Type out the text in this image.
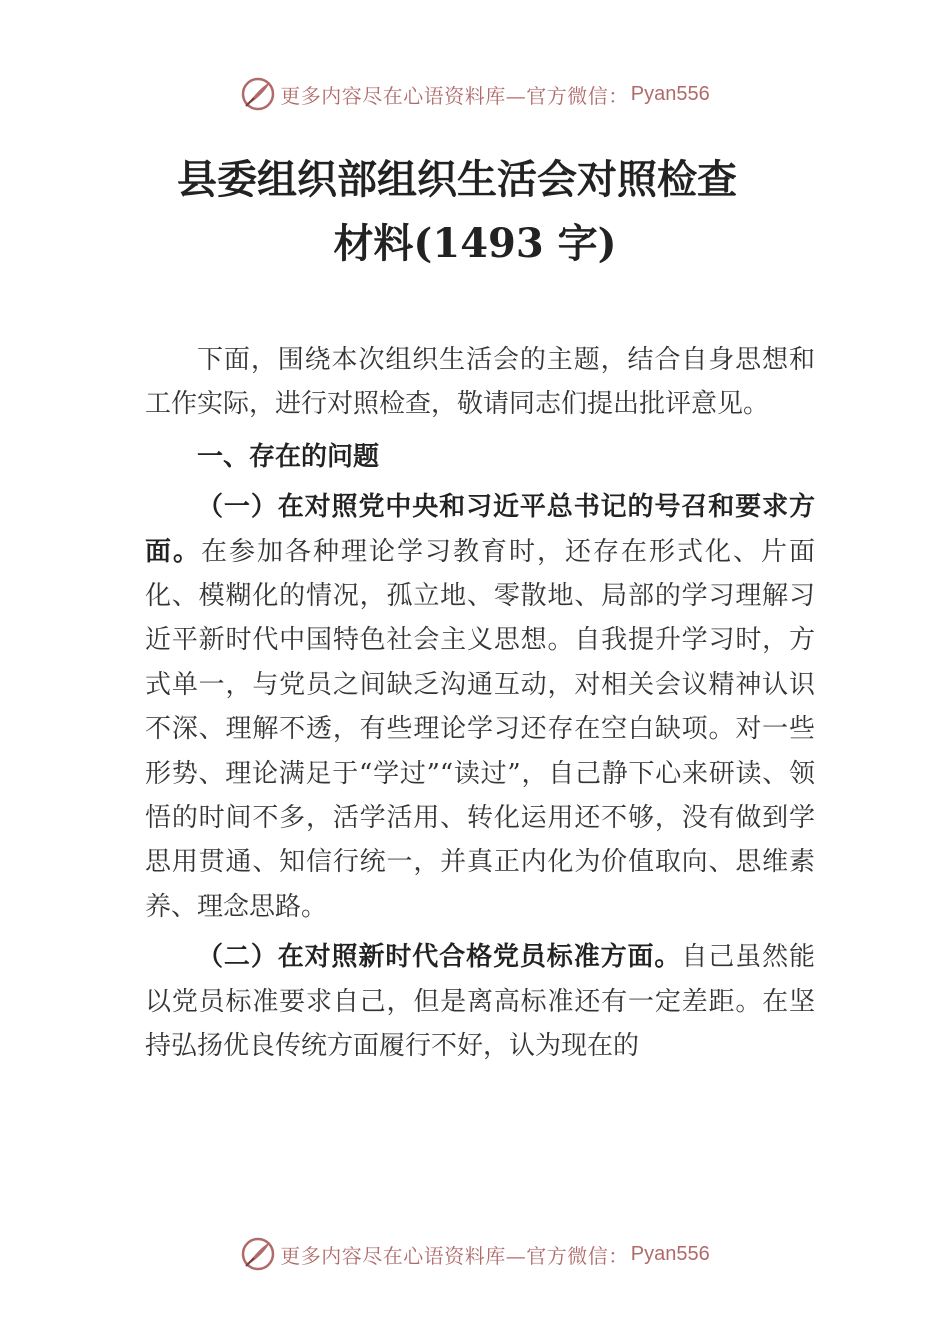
更多内容尽在心语资料库—官方微信： Pyan556
县委组织部组织生活会对照检查
材料(1493 字)

下面，围绕本次组织生活会的主题，结合自身思想和工作实际，进行对照检查，敬请同志们提出批评意见。

一、存在的问题

（一）在对照党中央和习近平总书记的号召和要求方面。在参加各种理论学习教育时，还存在形式化、片面化、模糊化的情况，孤立地、零散地、局部的学习理解习近平新时代中国特色社会主义思想。自我提升学习时，方式单一，与党员之间缺乏沟通互动，对相关会议精神认识不深、理解不透，有些理论学习还存在空白缺项。对一些形势、理论满足于“学过”“读过”，自己静下心来研读、领悟的时间不多，活学活用、转化运用还不够，没有做到学思用贯通、知信行统一，并真正内化为价值取向、思维素养、理念思路。

（二）在对照新时代合格党员标准方面。自己虽然能以党员标准要求自己，但是离高标准还有一定差距。在坚持弘扬优良传统方面履行不好，认为现在的

更多内容尽在心语资料库—官方微信： Pyan556
